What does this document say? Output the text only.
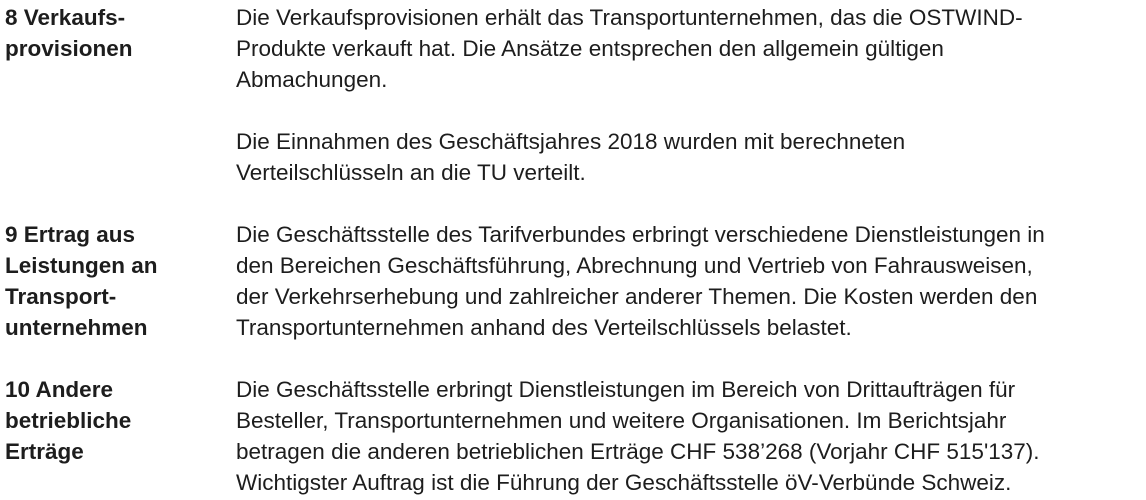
8 Verkaufs-
provisionen
Die Verkaufsprovisionen erhält das Transportunternehmen, das die OSTWIND-
Produkte verkauft hat. Die Ansätze entsprechen den allgemein gültigen
Abmachungen.
Die Einnahmen des Geschäftsjahres 2018 wurden mit berechneten
Verteilschlüsseln an die TU verteilt.
9 Ertrag aus
Leistungen an
Transport-
unternehmen
Die Geschäftsstelle des Tarifverbundes erbringt verschiedene Dienstleistungen in
den Bereichen Geschäftsführung, Abrechnung und Vertrieb von Fahrausweisen,
der Verkehrserhebung und zahlreicher anderer Themen. Die Kosten werden den
Transportunternehmen anhand des Verteilschlüssels belastet.
10 Andere
betriebliche
Erträge
Die Geschäftsstelle erbringt Dienstleistungen im Bereich von Drittaufträgen für
Besteller, Transportunternehmen und weitere Organisationen. Im Berichtsjahr
betragen die anderen betrieblichen Erträge CHF 538’268 (Vorjahr CHF 515'137).
Wichtigster Auftrag ist die Führung der Geschäftsstelle öV-Verbünde Schweiz.
